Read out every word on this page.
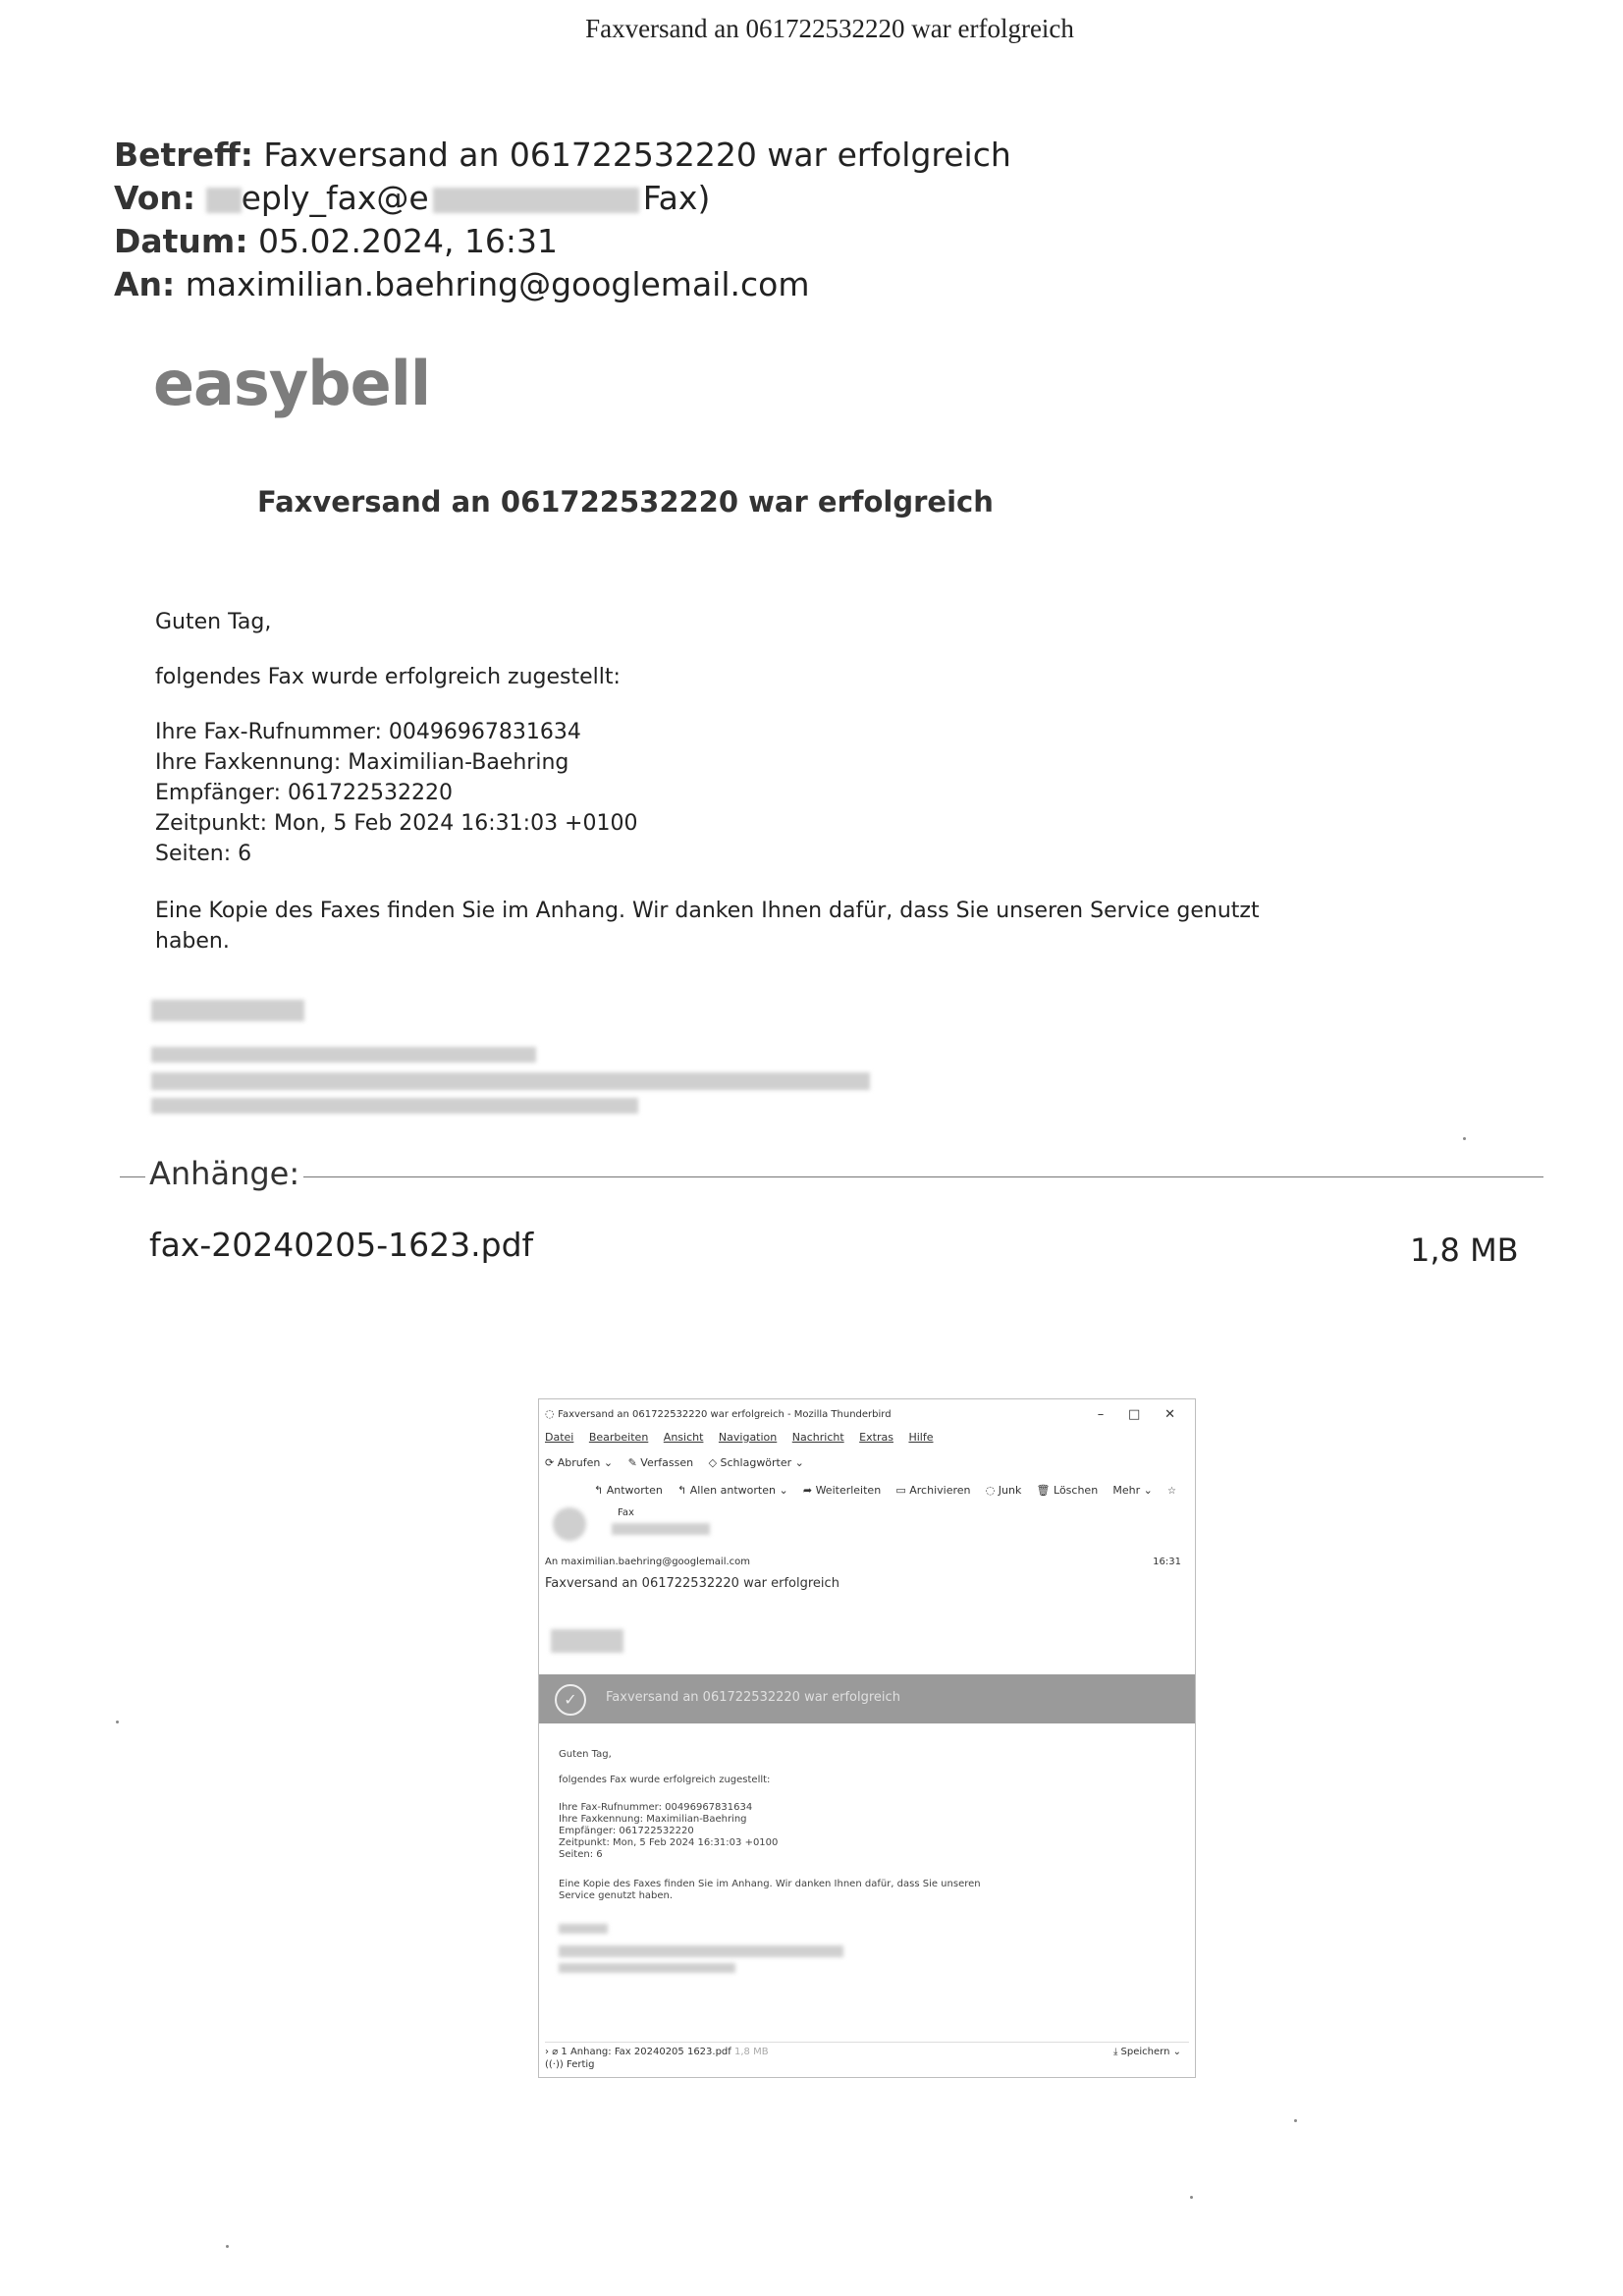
Faxversand an 061722532220 war erfolgreich
Betreff: Faxversand an 061722532220 war erfolgreich
Von: eply_fax@e	Fax)
Datum: 05.02.2024, 16:31
An: maximilian.baehring@googlemail.com
easybell
Faxversand an 061722532220 war erfolgreich
Guten Tag,
folgendes Fax wurde erfolgreich zugestellt:
Ihre Fax-Rufnummer: 00496967831634
Ihre Faxkennung: Maximilian-Baehring
Empfänger: 061722532220
Zeitpunkt: Mon, 5 Feb 2024 16:31:03 +0100
Seiten: 6
Eine Kopie des Faxes finden Sie im Anhang. Wir danken Ihnen dafür, dass Sie unseren Service genutzt
haben.
Anhänge:
fax-20240205-1623.pdf	1,8 MB
◌ Faxversand an 061722532220 war erfolgreich - Mozilla Thunderbird	– □ ✕
Datei Bearbeiten Ansicht Navigation Nachricht Extras Hilfe
⟳ Abrufen ⌄ ✎ Verfassen ◇ Schlagwörter ⌄
↰ Antworten ↰ Allen antworten ⌄ ➦ Weiterleiten ▭ Archivieren ◌ Junk 🗑 Löschen Mehr ⌄ ☆
Fax
An maximilian.baehring@googlemail.com	16:31
Faxversand an 061722532220 war erfolgreich
✓	Faxversand an 061722532220 war erfolgreich
Guten Tag,
folgendes Fax wurde erfolgreich zugestellt:
Ihre Fax-Rufnummer: 00496967831634
Ihre Faxkennung: Maximilian-Baehring
Empfänger: 061722532220
Zeitpunkt: Mon, 5 Feb 2024 16:31:03 +0100
Seiten: 6
Eine Kopie des Faxes finden Sie im Anhang. Wir danken Ihnen dafür, dass Sie unseren
Service genutzt haben.
› ⌀ 1 Anhang: Fax 20240205 1623.pdf 1,8 MB	⤓ Speichern ⌄
((·)) Fertig
